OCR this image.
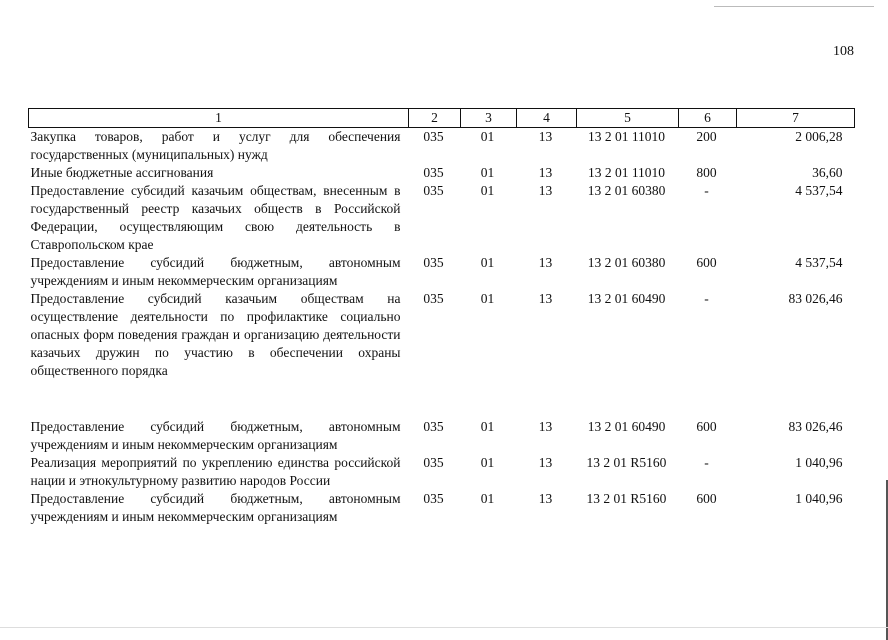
108
1	2	3	4	5	6	7
Закупка товаров, работ и услуг для обеспечения государственных (муниципальных) нужд	035	01	13	13 2 01 11010	200	2 006,28
Иные бюджетные ассигнования	035	01	13	13 2 01 11010	800	36,60
Предоставление субсидий казачьим обществам, внесенным в государственный реестр казачьих обществ в Российской Федерации, осуществляющим свою деятельность в Ставропольском крае	035	01	13	13 2 01 60380	-	4 537,54
Предоставление субсидий бюджетным, автономным учреждениям и иным некоммерческим организациям	035	01	13	13 2 01 60380	600	4 537,54
Предоставление субсидий казачьим обществам на осуществление деятельности по профилактике социально опасных форм поведения граждан и организацию деятельности казачьих дружин по участию в обеспечении охраны общественного порядка	035	01	13	13 2 01 60490	-	83 026,46
Предоставление субсидий бюджетным, автономным учреждениям и иным некоммерческим организациям	035	01	13	13 2 01 60490	600	83 026,46
Реализация мероприятий по укреплению единства российской нации и этнокультурному развитию народов России	035	01	13	13 2 01 R5160	-	1 040,96
Предоставление субсидий бюджетным, автономным учреждениям и иным некоммерческим организациям	035	01	13	13 2 01 R5160	600	1 040,96
